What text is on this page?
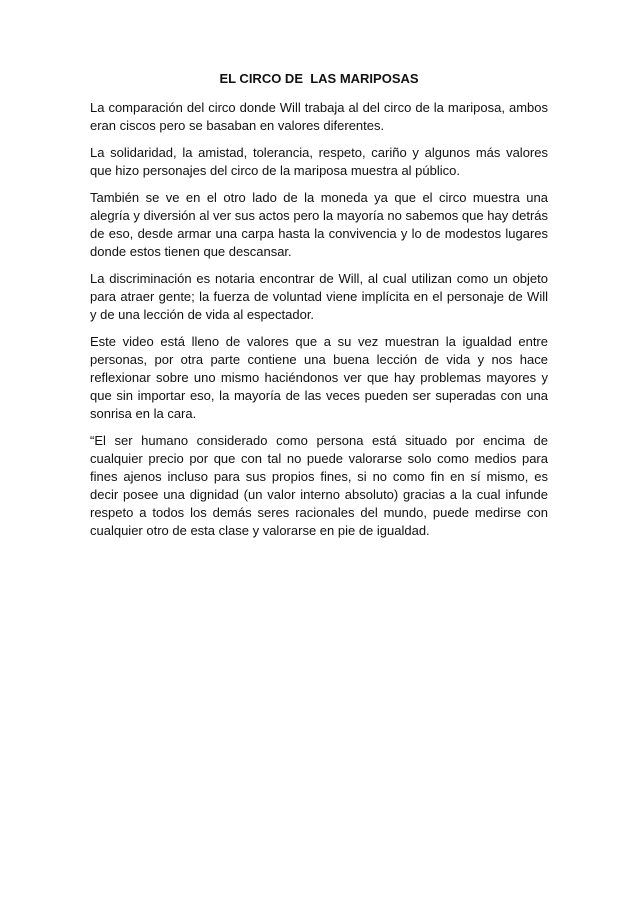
EL CIRCO DE  LAS MARIPOSAS

La comparación del circo donde Will trabaja al del circo de la mariposa, ambos eran ciscos pero se basaban en valores diferentes.

La solidaridad, la amistad, tolerancia, respeto, cariño y algunos más valores que hizo personajes del circo de la mariposa muestra al público.

También se ve en el otro lado de la moneda ya que el circo muestra una alegría y diversión al ver sus actos pero la mayoría no sabemos que hay detrás de eso, desde armar una carpa hasta la convivencia y lo de modestos lugares donde estos tienen que descansar.

La discriminación es notaria encontrar de Will, al cual utilizan como un objeto para atraer gente; la fuerza de voluntad viene implícita en el personaje de Will y de una lección de vida al espectador.

Este video está lleno de valores que a su vez muestran la igualdad entre personas, por otra parte contiene una buena lección de vida y nos hace reflexionar sobre uno mismo haciéndonos ver que hay problemas mayores y que sin importar eso, la mayoría de las veces pueden ser superadas con una sonrisa en la cara.

“El ser humano considerado como persona está situado por encima de cualquier precio por que con tal no puede valorarse solo como medios para fines ajenos incluso para sus propios fines, si no como fin en sí mismo, es decir posee una dignidad (un valor interno absoluto) gracias a la cual infunde respeto a todos los demás seres racionales del mundo, puede medirse con cualquier otro de esta clase y valorarse en pie de igualdad.
